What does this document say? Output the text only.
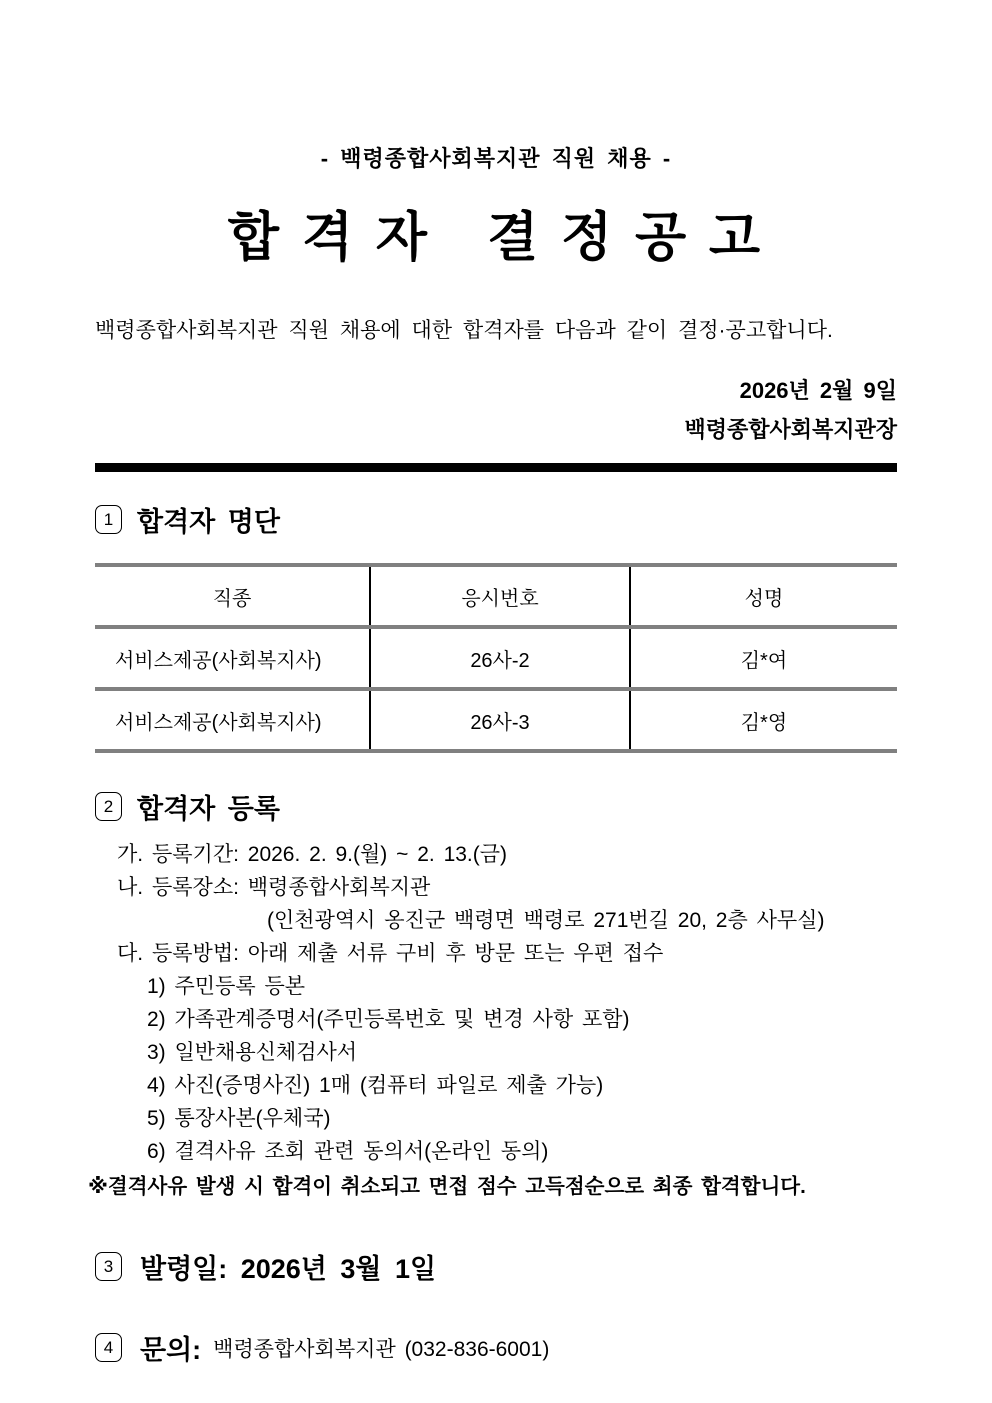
- 백령종합사회복지관 직원 채용 -
합 격 자   결 정 공 고
백령종합사회복지관 직원 채용에 대한 합격자를 다음과 같이 결정·공고합니다.
2026년 2월 9일
백령종합사회복지관장
1 합격자 명단
직종	응시번호	성명
서비스제공(사회복지사)	26사-2	김*여
서비스제공(사회복지사)	26사-3	김*영
2 합격자 등록
가. 등록기간: 2026. 2. 9.(월) ~ 2. 13.(금)
나. 등록장소: 백령종합사회복지관
(인천광역시 옹진군 백령면 백령로 271번길 20, 2층 사무실)
다. 등록방법: 아래 제출 서류 구비 후 방문 또는 우편 접수
1) 주민등록 등본
2) 가족관계증명서(주민등록번호 및 변경 사항 포함)
3) 일반채용신체검사서
4) 사진(증명사진) 1매 (컴퓨터 파일로 제출 가능)
5) 통장사본(우체국)
6) 결격사유 조회 관련 동의서(온라인 동의)
※결격사유 발생 시 합격이 취소되고 면접 점수 고득점순으로 최종 합격합니다.
3 발령일: 2026년 3월 1일
4 문의: 백령종합사회복지관 (032-836-6001)
